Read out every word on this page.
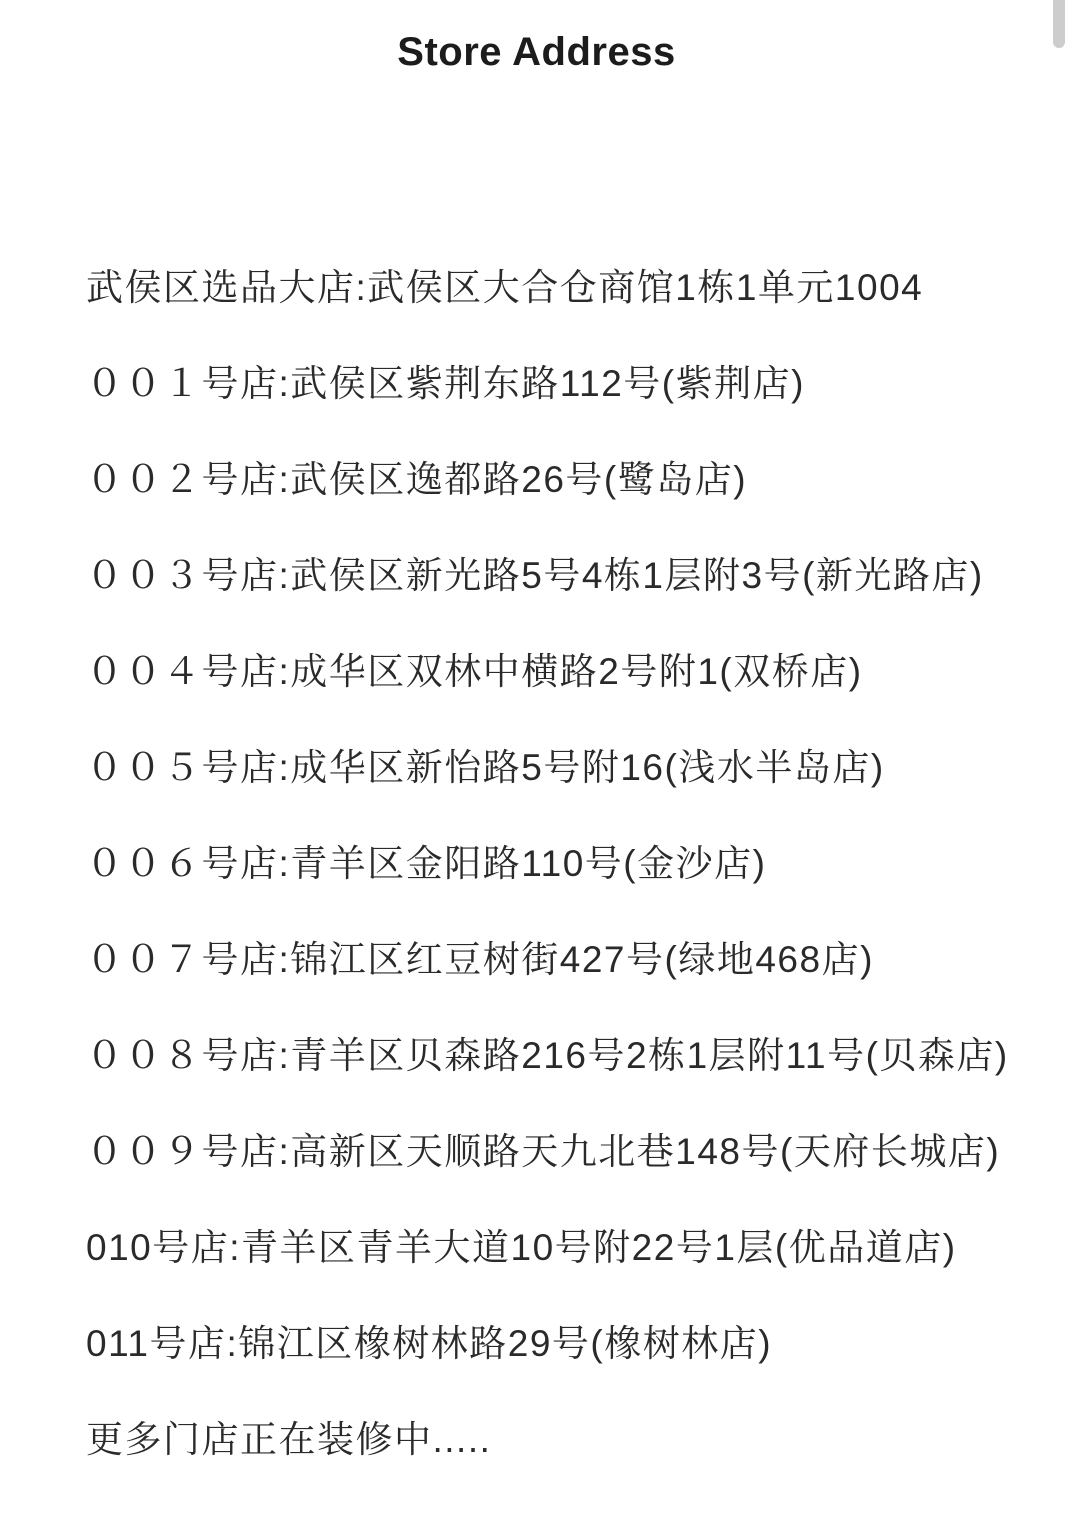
Store Address

武侯区选品大店:武侯区大合仓商馆1栋1单元1004

００１号店:武侯区紫荆东路112号(紫荆店)

００２号店:武侯区逸都路26号(鹭岛店)

００３号店:武侯区新光路5号4栋1层附3号(新光路店)

００４号店:成华区双林中横路2号附1(双桥店)

００５号店:成华区新怡路5号附16(浅水半岛店)

００６号店:青羊区金阳路110号(金沙店)

００７号店:锦江区红豆树街427号(绿地468店)

００８号店:青羊区贝森路216号2栋1层附11号(贝森店)

００９号店:高新区天顺路天九北巷148号(天府长城店)

010号店:青羊区青羊大道10号附22号1层(优品道店)

011号店:锦江区橡树林路29号(橡树林店)

更多门店正在装修中.....
